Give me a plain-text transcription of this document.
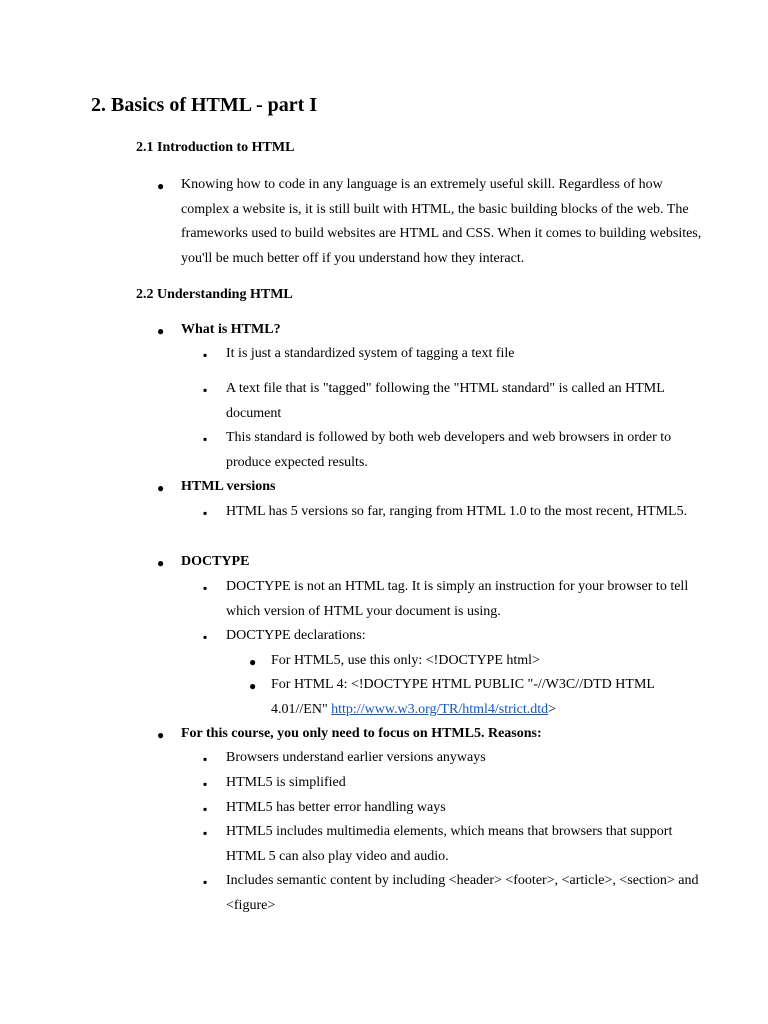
2. Basics of HTML - part I
2.1 Introduction to HTML
● Knowing how to code in any language is an extremely useful skill. Regardless of how complex a website is, it is still built with HTML, the basic building blocks of the web. The frameworks used to build websites are HTML and CSS. When it comes to building websites, you'll be much better off if you understand how they interact.
2.2 Understanding HTML
● What is HTML?
▪ It is just a standardized system of tagging a text file
▪ A text file that is "tagged" following the "HTML standard" is called an HTML document
▪ This standard is followed by both web developers and web browsers in order to produce expected results.
● HTML versions
▪ HTML has 5 versions so far, ranging from HTML 1.0 to the most recent, HTML5.
● DOCTYPE
▪ DOCTYPE is not an HTML tag. It is simply an instruction for your browser to tell which version of HTML your document is using.
▪ DOCTYPE declarations:
● For HTML5, use this only: <!DOCTYPE html>
● For HTML 4: <!DOCTYPE HTML PUBLIC "-//W3C//DTD HTML 4.01//EN" http://www.w3.org/TR/html4/strict.dtd>
● For this course, you only need to focus on HTML5. Reasons:
▪ Browsers understand earlier versions anyways
▪ HTML5 is simplified
▪ HTML5 has better error handling ways
▪ HTML5 includes multimedia elements, which means that browsers that support HTML 5 can also play video and audio.
▪ Includes semantic content by including <header> <footer>, <article>, <section> and <figure>
